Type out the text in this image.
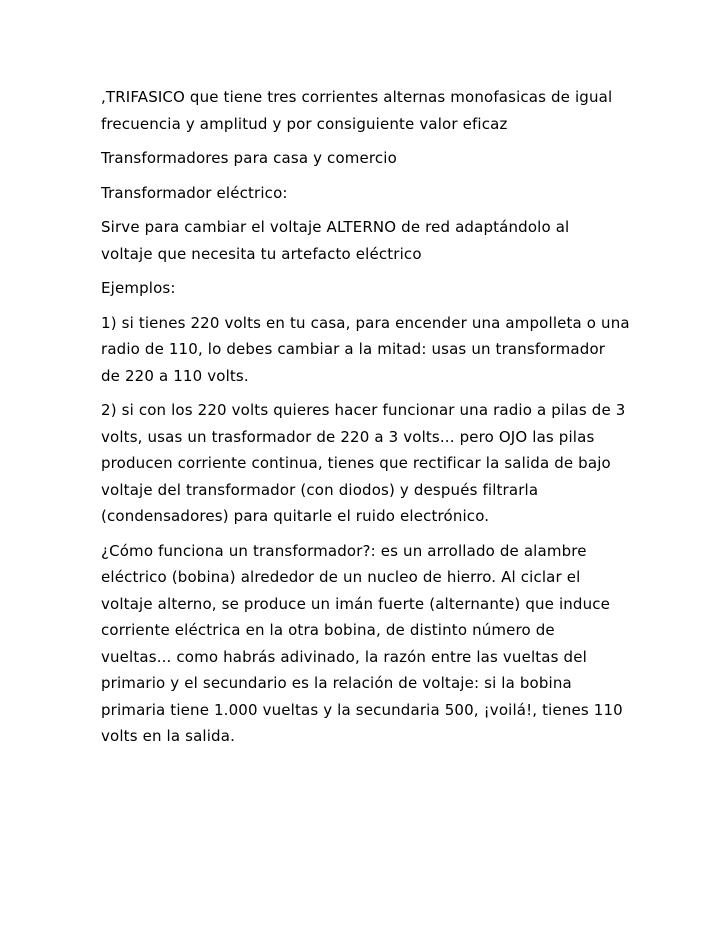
,TRIFASICO que tiene tres corrientes alternas monofasicas de igual
frecuencia y amplitud y por consiguiente valor eficaz

Transformadores para casa y comercio

Transformador eléctrico:

Sirve para cambiar el voltaje ALTERNO de red adaptándolo al
voltaje que necesita tu artefacto eléctrico

Ejemplos:

1) si tienes 220 volts en tu casa, para encender una ampolleta o una
radio de 110, lo debes cambiar a la mitad: usas un transformador
de 220 a 110 volts.

2) si con los 220 volts quieres hacer funcionar una radio a pilas de 3
volts, usas un trasformador de 220 a 3 volts... pero OJO las pilas
producen corriente continua, tienes que rectificar la salida de bajo
voltaje del transformador (con diodos) y después filtrarla
(condensadores) para quitarle el ruido electrónico.

¿Cómo funciona un transformador?: es un arrollado de alambre
eléctrico (bobina) alrededor de un nucleo de hierro. Al ciclar el
voltaje alterno, se produce un imán fuerte (alternante) que induce
corriente eléctrica en la otra bobina, de distinto número de
vueltas... como habrás adivinado, la razón entre las vueltas del
primario y el secundario es la relación de voltaje: si la bobina
primaria tiene 1.000 vueltas y la secundaria 500, ¡voilá!, tienes 110
volts en la salida.
